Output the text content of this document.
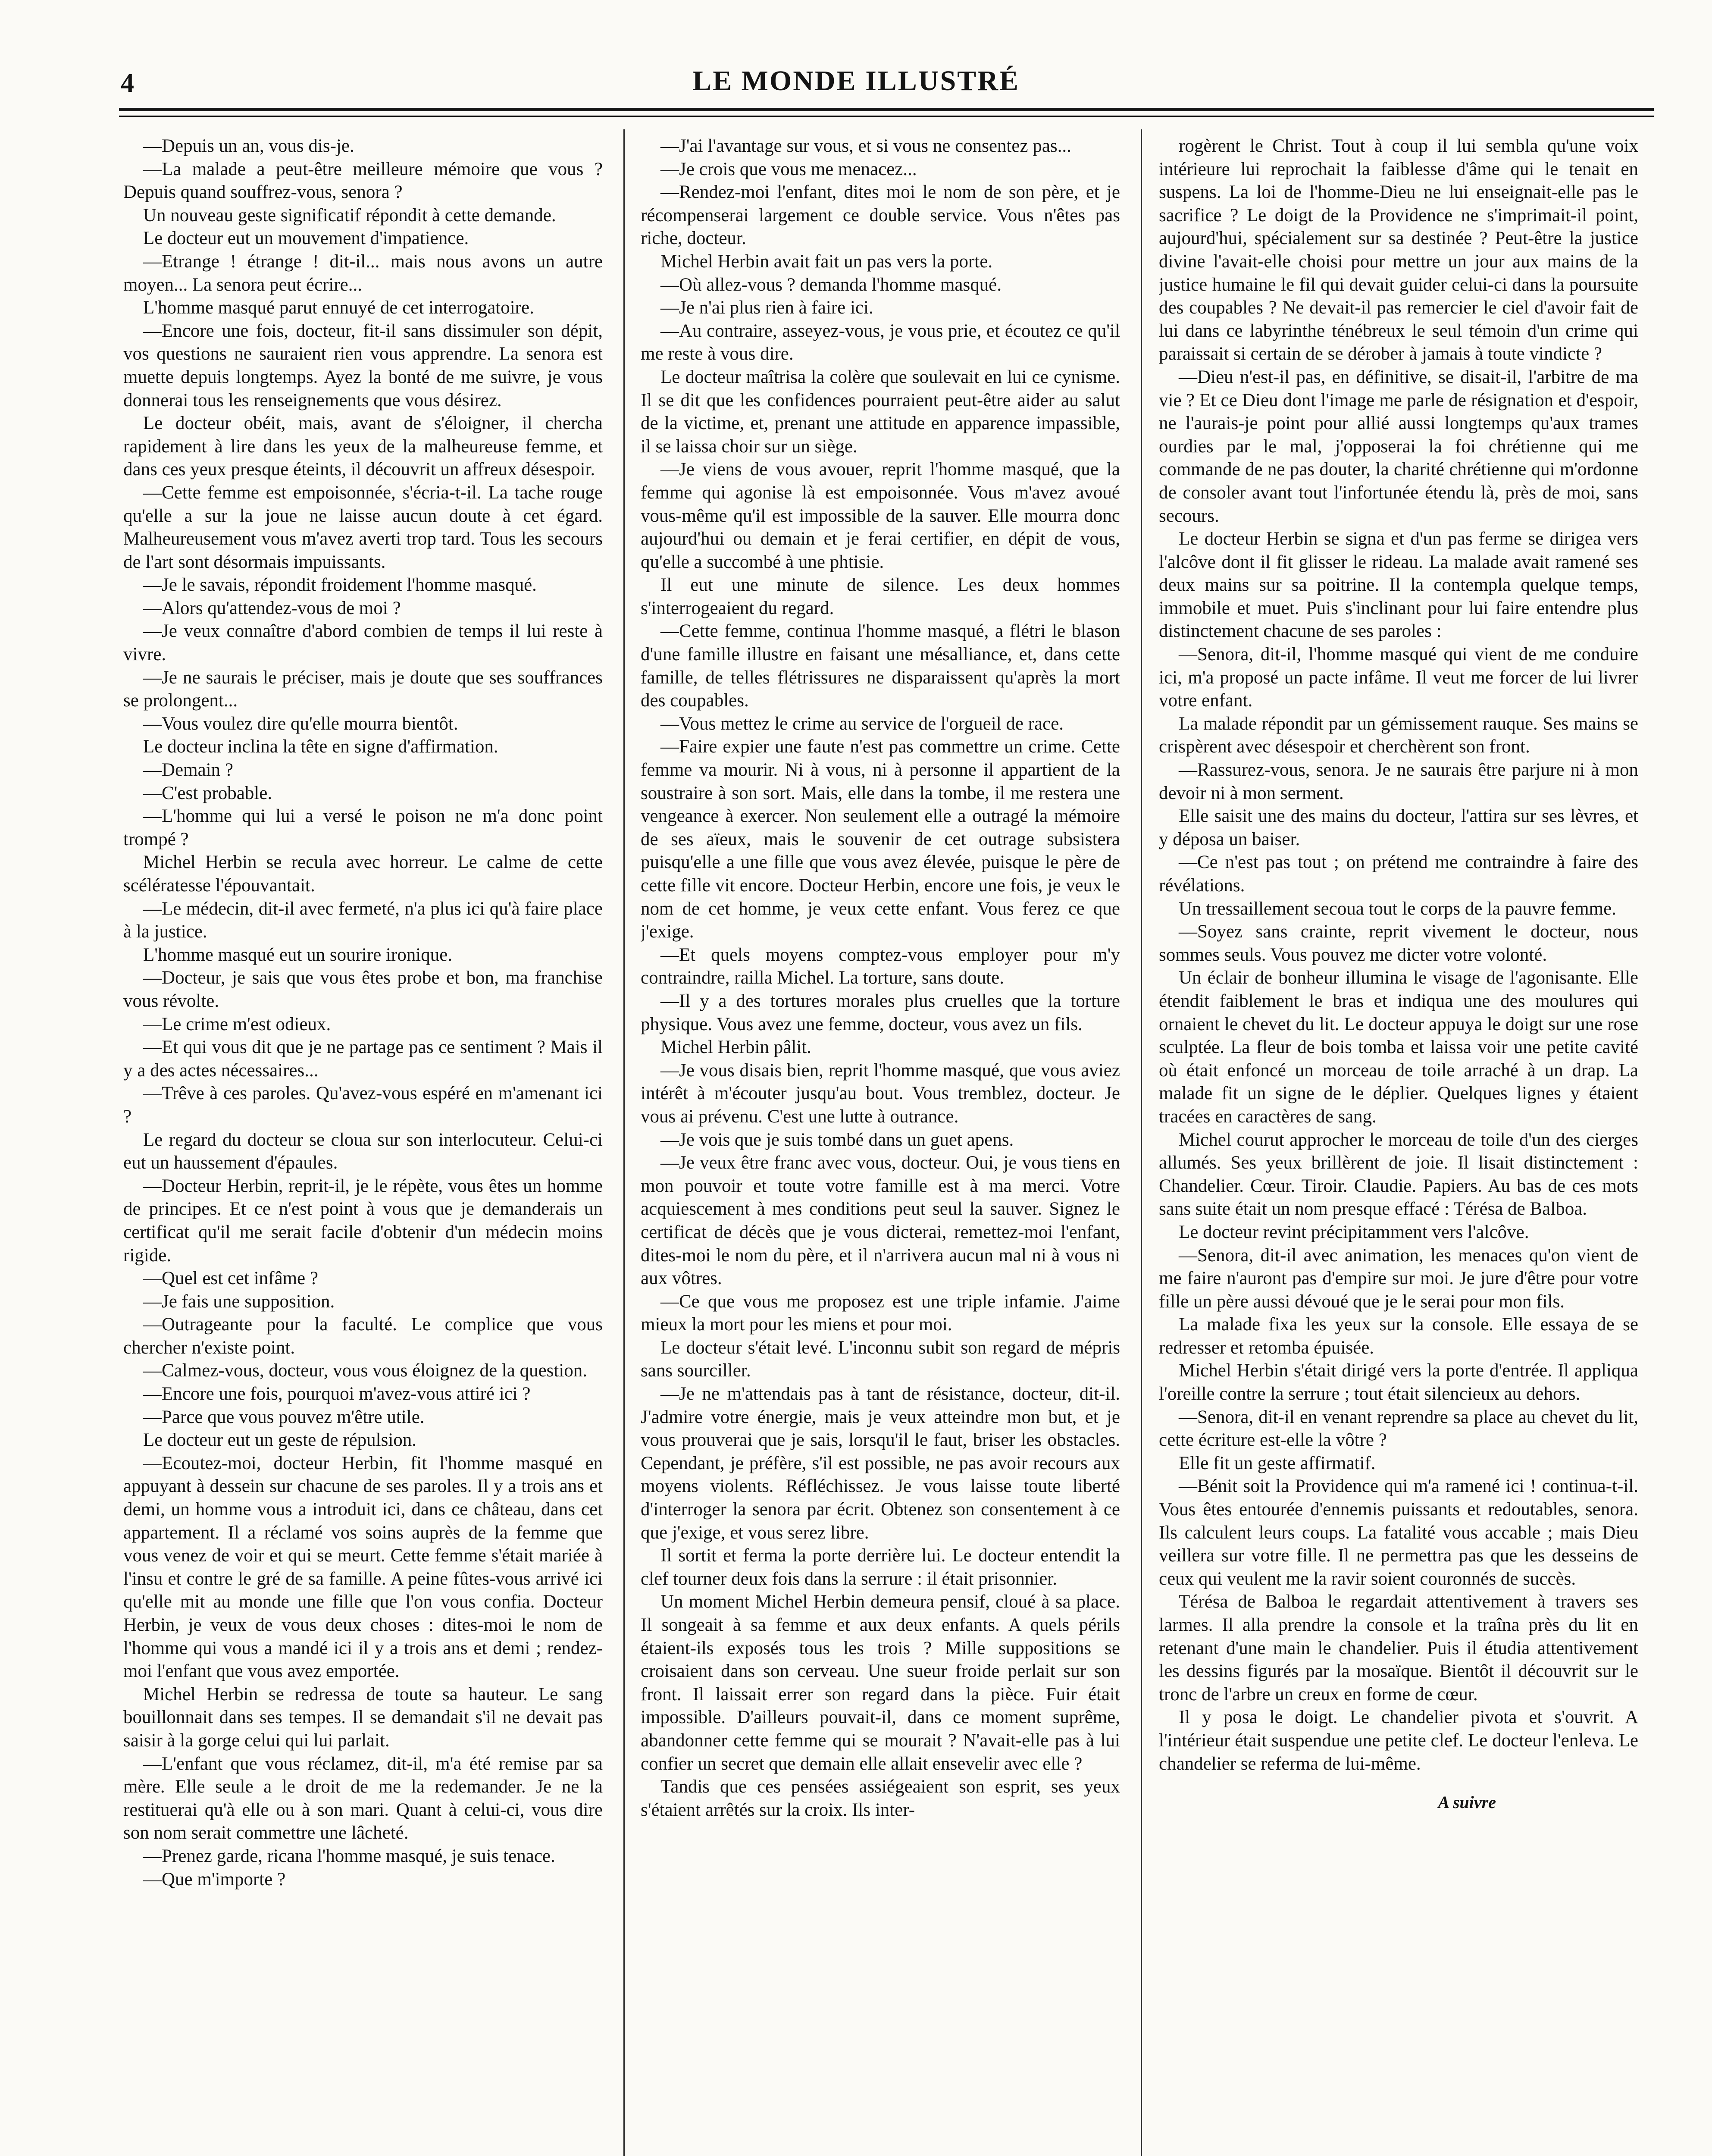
4	LE MONDE ILLUSTRÉ

—Depuis un an, vous dis-je.

—La malade a peut-être meilleure mémoire que vous ? Depuis quand souffrez-vous, senora ?

Un nouveau geste significatif répondit à cette demande.

Le docteur eut un mouvement d'impatience.

—Etrange ! étrange ! dit-il... mais nous avons un autre moyen... La senora peut écrire...

L'homme masqué parut ennuyé de cet interrogatoire.

—Encore une fois, docteur, fit-il sans dissimuler son dépit, vos questions ne sauraient rien vous apprendre. La senora est muette depuis longtemps. Ayez la bonté de me suivre, je vous donnerai tous les renseignements que vous désirez.

Le docteur obéit, mais, avant de s'éloigner, il chercha rapidement à lire dans les yeux de la malheureuse femme, et dans ces yeux presque éteints, il découvrit un affreux désespoir.

—Cette femme est empoisonnée, s'écria-t-il. La tache rouge qu'elle a sur la joue ne laisse aucun doute à cet égard. Malheureusement vous m'avez averti trop tard. Tous les secours de l'art sont désormais impuissants.

—Je le savais, répondit froidement l'homme masqué.

—Alors qu'attendez-vous de moi ?

—Je veux connaître d'abord combien de temps il lui reste à vivre.

—Je ne saurais le préciser, mais je doute que ses souffrances se prolongent...

—Vous voulez dire qu'elle mourra bientôt.

Le docteur inclina la tête en signe d'affirmation.

—Demain ?

—C'est probable.

—L'homme qui lui a versé le poison ne m'a donc point trompé ?

Michel Herbin se recula avec horreur. Le calme de cette scélératesse l'épouvantait.

—Le médecin, dit-il avec fermeté, n'a plus ici qu'à faire place à la justice.

L'homme masqué eut un sourire ironique.

—Docteur, je sais que vous êtes probe et bon, ma franchise vous révolte.

—Le crime m'est odieux.

—Et qui vous dit que je ne partage pas ce sentiment ? Mais il y a des actes nécessaires...

—Trêve à ces paroles. Qu'avez-vous espéré en m'amenant ici ?

Le regard du docteur se cloua sur son interlocuteur. Celui-ci eut un haussement d'épaules.

—Docteur Herbin, reprit-il, je le répète, vous êtes un homme de principes. Et ce n'est point à vous que je demanderais un certificat qu'il me serait facile d'obtenir d'un médecin moins rigide.

—Quel est cet infâme ?

—Je fais une supposition.

—Outrageante pour la faculté. Le complice que vous chercher n'existe point.

—Calmez-vous, docteur, vous vous éloignez de la question.

—Encore une fois, pourquoi m'avez-vous attiré ici ?

—Parce que vous pouvez m'être utile.

Le docteur eut un geste de répulsion.

—Ecoutez-moi, docteur Herbin, fit l'homme masqué en appuyant à dessein sur chacune de ses paroles. Il y a trois ans et demi, un homme vous a introduit ici, dans ce château, dans cet appartement. Il a réclamé vos soins auprès de la femme que vous venez de voir et qui se meurt. Cette femme s'était mariée à l'insu et contre le gré de sa famille. A peine fûtes-vous arrivé ici qu'elle mit au monde une fille que l'on vous confia. Docteur Herbin, je veux de vous deux choses : dites-moi le nom de l'homme qui vous a mandé ici il y a trois ans et demi ; rendez-moi l'enfant que vous avez emportée.

Michel Herbin se redressa de toute sa hauteur. Le sang bouillonnait dans ses tempes. Il se demandait s'il ne devait pas saisir à la gorge celui qui lui parlait.

—L'enfant que vous réclamez, dit-il, m'a été remise par sa mère. Elle seule a le droit de me la redemander. Je ne la restituerai qu'à elle ou à son mari. Quant à celui-ci, vous dire son nom serait commettre une lâcheté.

—Prenez garde, ricana l'homme masqué, je suis tenace.

—Que m'importe ?

—J'ai l'avantage sur vous, et si vous ne consentez pas...

—Je crois que vous me menacez...

—Rendez-moi l'enfant, dites moi le nom de son père, et je récompenserai largement ce double service. Vous n'êtes pas riche, docteur.

Michel Herbin avait fait un pas vers la porte.

—Où allez-vous ? demanda l'homme masqué.

—Je n'ai plus rien à faire ici.

—Au contraire, asseyez-vous, je vous prie, et écoutez ce qu'il me reste à vous dire.

Le docteur maîtrisa la colère que soulevait en lui ce cynisme. Il se dit que les confidences pourraient peut-être aider au salut de la victime, et, prenant une attitude en apparence impassible, il se laissa choir sur un siège.

—Je viens de vous avouer, reprit l'homme masqué, que la femme qui agonise là est empoisonnée. Vous m'avez avoué vous-même qu'il est impossible de la sauver. Elle mourra donc aujourd'hui ou demain et je ferai certifier, en dépit de vous, qu'elle a succombé à une phtisie.

Il eut une minute de silence. Les deux hommes s'interrogeaient du regard.

—Cette femme, continua l'homme masqué, a flétri le blason d'une famille illustre en faisant une mésalliance, et, dans cette famille, de telles flétrissures ne disparaissent qu'après la mort des coupables.

—Vous mettez le crime au service de l'orgueil de race.

—Faire expier une faute n'est pas commettre un crime. Cette femme va mourir. Ni à vous, ni à personne il appartient de la soustraire à son sort. Mais, elle dans la tombe, il me restera une vengeance à exercer. Non seulement elle a outragé la mémoire de ses aïeux, mais le souvenir de cet outrage subsistera puisqu'elle a une fille que vous avez élevée, puisque le père de cette fille vit encore. Docteur Herbin, encore une fois, je veux le nom de cet homme, je veux cette enfant. Vous ferez ce que j'exige.

—Et quels moyens comptez-vous employer pour m'y contraindre, railla Michel. La torture, sans doute.

—Il y a des tortures morales plus cruelles que la torture physique. Vous avez une femme, docteur, vous avez un fils.

Michel Herbin pâlit.

—Je vous disais bien, reprit l'homme masqué, que vous aviez intérêt à m'écouter jusqu'au bout. Vous tremblez, docteur. Je vous ai prévenu. C'est une lutte à outrance.

—Je vois que je suis tombé dans un guet apens.

—Je veux être franc avec vous, docteur. Oui, je vous tiens en mon pouvoir et toute votre famille est à ma merci. Votre acquiescement à mes conditions peut seul la sauver. Signez le certificat de décès que je vous dicterai, remettez-moi l'enfant, dites-moi le nom du père, et il n'arrivera aucun mal ni à vous ni aux vôtres.

—Ce que vous me proposez est une triple infamie. J'aime mieux la mort pour les miens et pour moi.

Le docteur s'était levé. L'inconnu subit son regard de mépris sans sourciller.

—Je ne m'attendais pas à tant de résistance, docteur, dit-il. J'admire votre énergie, mais je veux atteindre mon but, et je vous prouverai que je sais, lorsqu'il le faut, briser les obstacles. Cependant, je préfère, s'il est possible, ne pas avoir recours aux moyens violents. Réfléchissez. Je vous laisse toute liberté d'interroger la senora par écrit. Obtenez son consentement à ce que j'exige, et vous serez libre.

Il sortit et ferma la porte derrière lui. Le docteur entendit la clef tourner deux fois dans la serrure : il était prisonnier.

Un moment Michel Herbin demeura pensif, cloué à sa place. Il songeait à sa femme et aux deux enfants. A quels périls étaient-ils exposés tous les trois ? Mille suppositions se croisaient dans son cerveau. Une sueur froide perlait sur son front. Il laissait errer son regard dans la pièce. Fuir était impossible. D'ailleurs pouvait-il, dans ce moment suprême, abandonner cette femme qui se mourait ? N'avait-elle pas à lui confier un secret que demain elle allait ensevelir avec elle ?

Tandis que ces pensées assiégeaient son esprit, ses yeux s'étaient arrêtés sur la croix. Ils inter-

rogèrent le Christ. Tout à coup il lui sembla qu'une voix intérieure lui reprochait la faiblesse d'âme qui le tenait en suspens. La loi de l'homme-Dieu ne lui enseignait-elle pas le sacrifice ? Le doigt de la Providence ne s'imprimait-il point, aujourd'hui, spécialement sur sa destinée ? Peut-être la justice divine l'avait-elle choisi pour mettre un jour aux mains de la justice humaine le fil qui devait guider celui-ci dans la poursuite des coupables ? Ne devait-il pas remercier le ciel d'avoir fait de lui dans ce labyrinthe ténébreux le seul témoin d'un crime qui paraissait si certain de se dérober à jamais à toute vindicte ?

—Dieu n'est-il pas, en définitive, se disait-il, l'arbitre de ma vie ? Et ce Dieu dont l'image me parle de résignation et d'espoir, ne l'aurais-je point pour allié aussi longtemps qu'aux trames ourdies par le mal, j'opposerai la foi chrétienne qui me commande de ne pas douter, la charité chrétienne qui m'ordonne de consoler avant tout l'infortunée étendu là, près de moi, sans secours.

Le docteur Herbin se signa et d'un pas ferme se dirigea vers l'alcôve dont il fit glisser le rideau. La malade avait ramené ses deux mains sur sa poitrine. Il la contempla quelque temps, immobile et muet. Puis s'inclinant pour lui faire entendre plus distinctement chacune de ses paroles :

—Senora, dit-il, l'homme masqué qui vient de me conduire ici, m'a proposé un pacte infâme. Il veut me forcer de lui livrer votre enfant.

La malade répondit par un gémissement rauque. Ses mains se crispèrent avec désespoir et cherchèrent son front.

—Rassurez-vous, senora. Je ne saurais être parjure ni à mon devoir ni à mon serment.

Elle saisit une des mains du docteur, l'attira sur ses lèvres, et y déposa un baiser.

—Ce n'est pas tout ; on prétend me contraindre à faire des révélations.

Un tressaillement secoua tout le corps de la pauvre femme.

—Soyez sans crainte, reprit vivement le docteur, nous sommes seuls. Vous pouvez me dicter votre volonté.

Un éclair de bonheur illumina le visage de l'agonisante. Elle étendit faiblement le bras et indiqua une des moulures qui ornaient le chevet du lit. Le docteur appuya le doigt sur une rose sculptée. La fleur de bois tomba et laissa voir une petite cavité où était enfoncé un morceau de toile arraché à un drap. La malade fit un signe de le déplier. Quelques lignes y étaient tracées en caractères de sang.

Michel courut approcher le morceau de toile d'un des cierges allumés. Ses yeux brillèrent de joie. Il lisait distinctement : Chandelier. Cœur. Tiroir. Claudie. Papiers. Au bas de ces mots sans suite était un nom presque effacé : Térésa de Balboa.

Le docteur revint précipitamment vers l'alcôve.

—Senora, dit-il avec animation, les menaces qu'on vient de me faire n'auront pas d'empire sur moi. Je jure d'être pour votre fille un père aussi dévoué que je le serai pour mon fils.

La malade fixa les yeux sur la console. Elle essaya de se redresser et retomba épuisée.

Michel Herbin s'était dirigé vers la porte d'entrée. Il appliqua l'oreille contre la serrure ; tout était silencieux au dehors.

—Senora, dit-il en venant reprendre sa place au chevet du lit, cette écriture est-elle la vôtre ?

Elle fit un geste affirmatif.

—Bénit soit la Providence qui m'a ramené ici ! continua-t-il. Vous êtes entourée d'ennemis puissants et redoutables, senora. Ils calculent leurs coups. La fatalité vous accable ; mais Dieu veillera sur votre fille. Il ne permettra pas que les desseins de ceux qui veulent me la ravir soient couronnés de succès.

Térésa de Balboa le regardait attentivement à travers ses larmes. Il alla prendre la console et la traîna près du lit en retenant d'une main le chandelier. Puis il étudia attentivement les dessins figurés par la mosaïque. Bientôt il découvrit sur le tronc de l'arbre un creux en forme de cœur.

Il y posa le doigt. Le chandelier pivota et s'ouvrit. A l'intérieur était suspendue une petite clef. Le docteur l'enleva. Le chandelier se referma de lui-même.

A suivre
